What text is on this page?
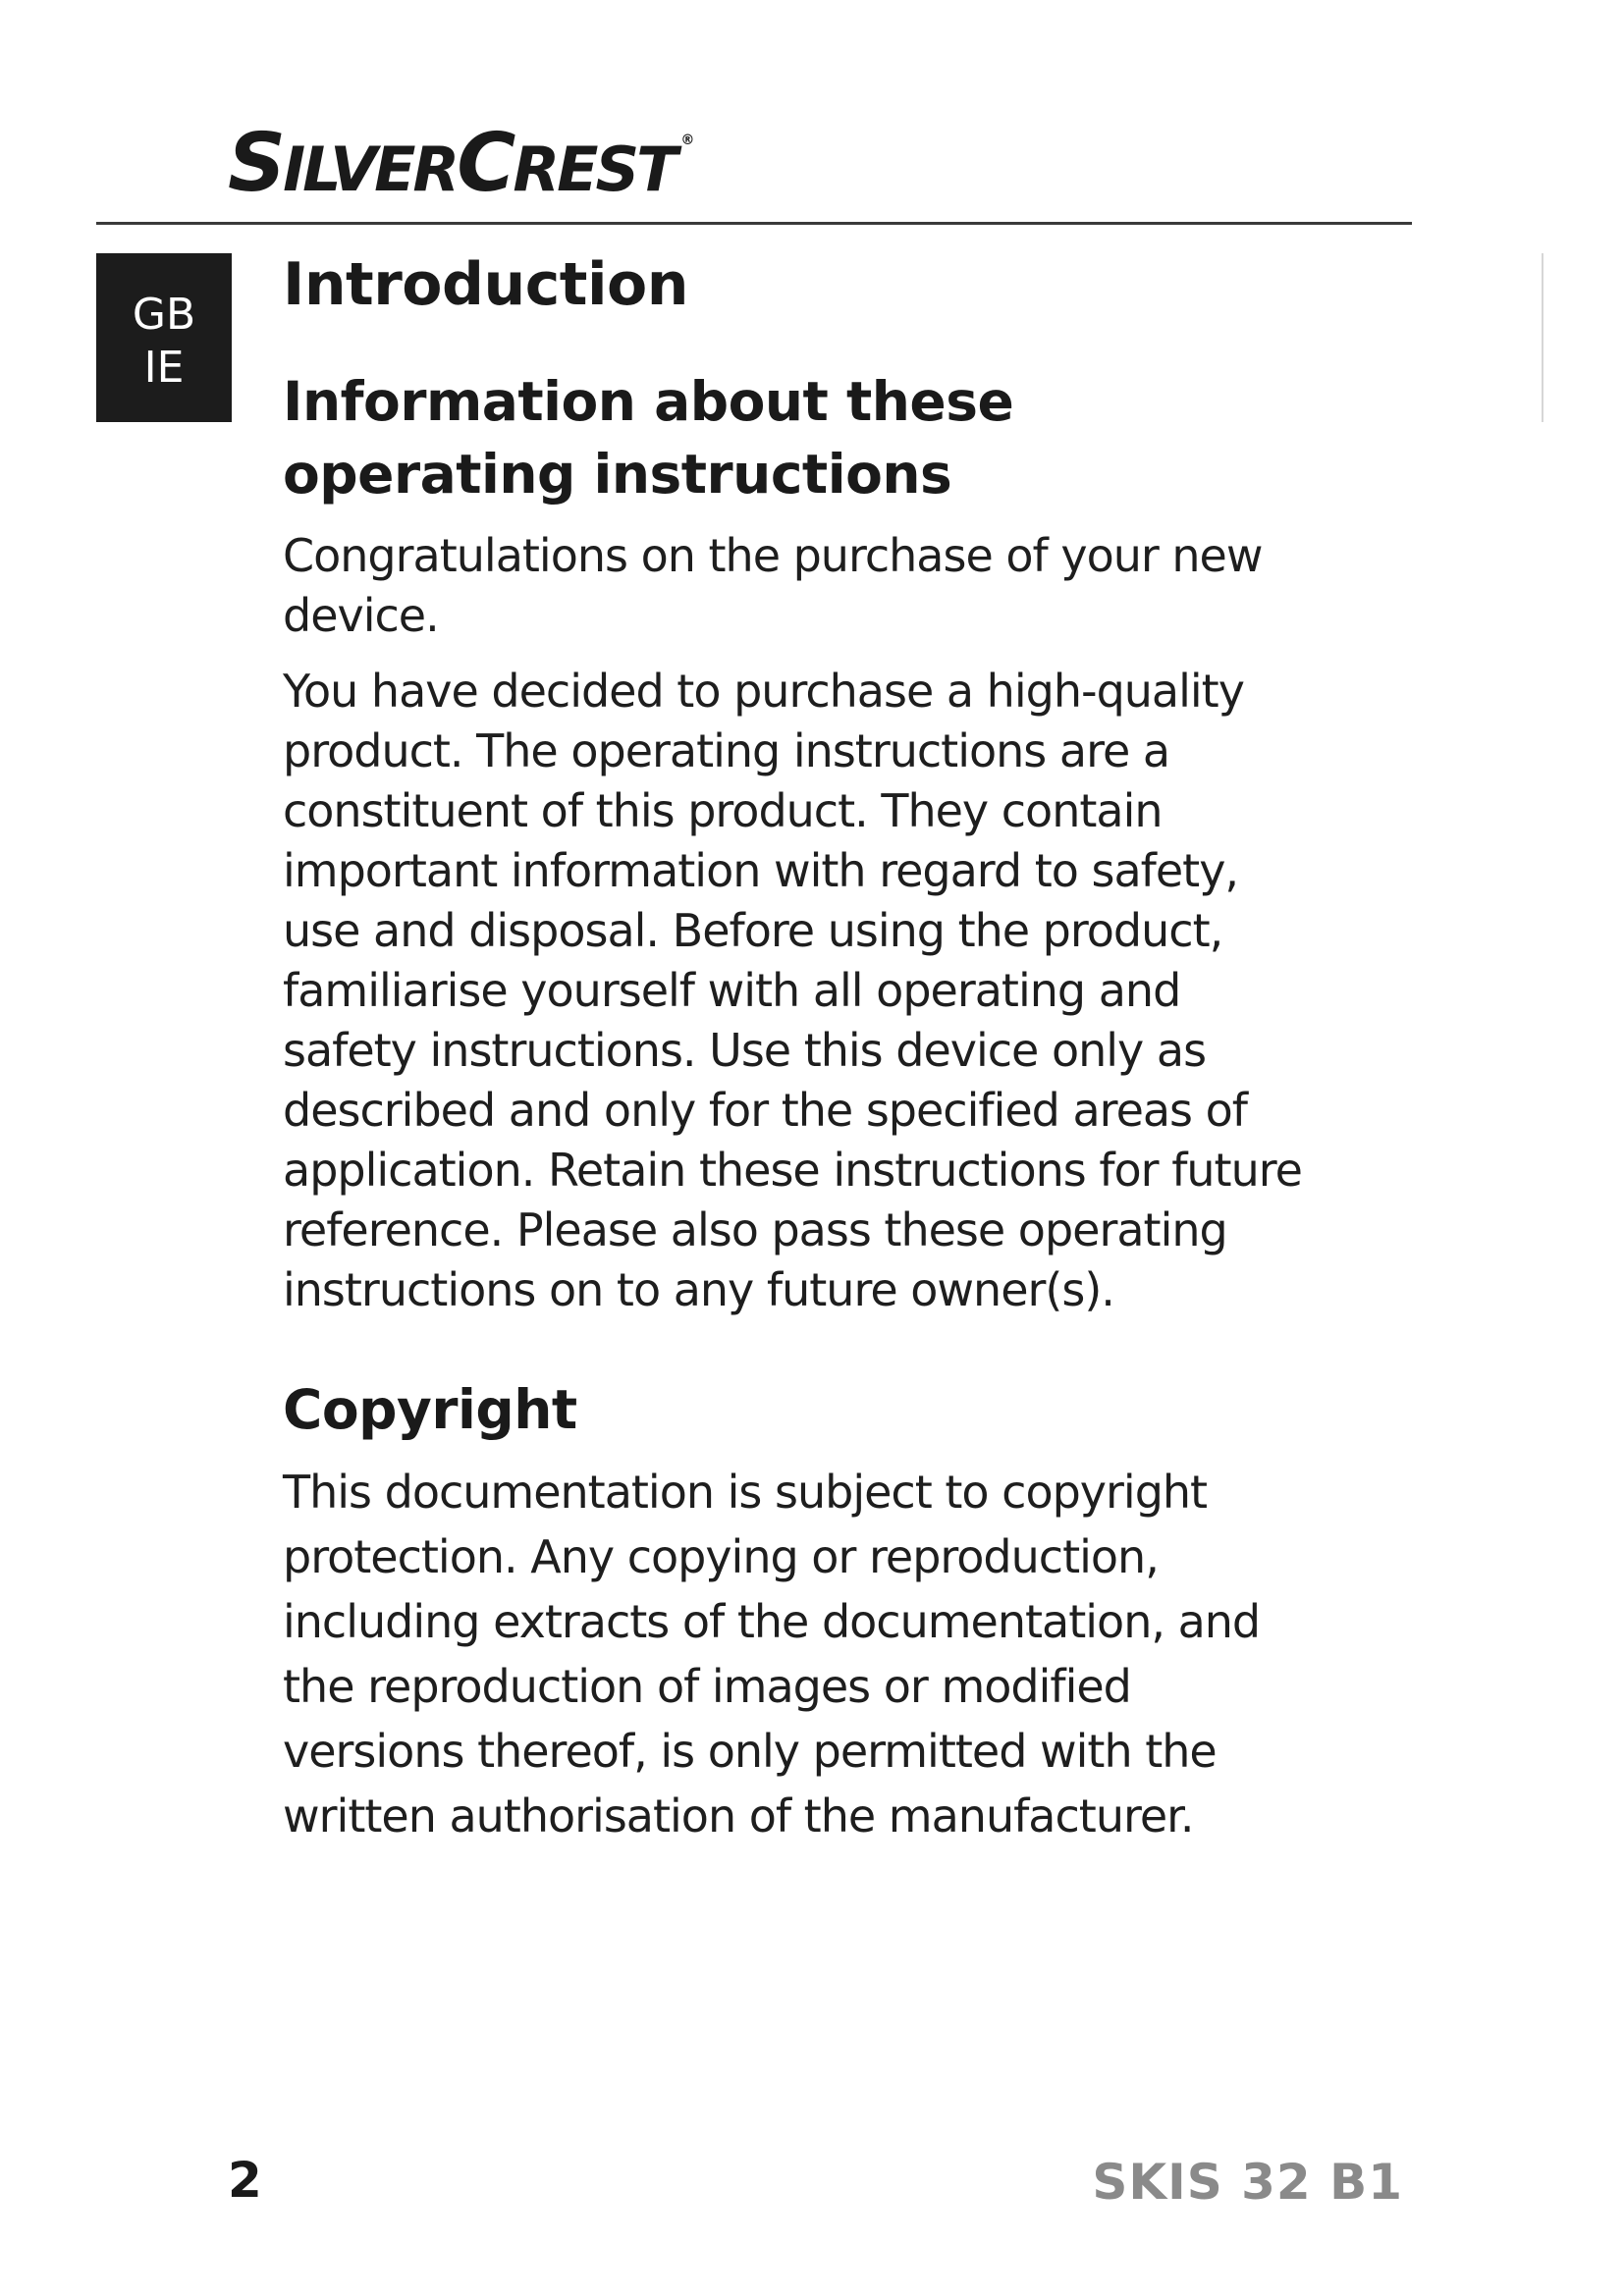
SILVERCREST ®
GB
IE
Introduction
Information about these operating instructions

Congratulations on the purchase of your new device.

You have decided to purchase a high-quality product. The operating instructions are a constituent of this product. They contain important information with regard to safety, use and disposal. Before using the product, familiarise yourself with all operating and safety instructions. Use this device only as described and only for the specified areas of application. Retain these instructions for future reference. Please also pass these operating instructions on to any future owner(s).

Copyright

This documentation is subject to copyright protection. Any copying or reproduction, including extracts of the documentation, and the reproduction of images or modified versions thereof, is only permitted with the written authorisation of the manufacturer.

2	SKIS 32 B1
